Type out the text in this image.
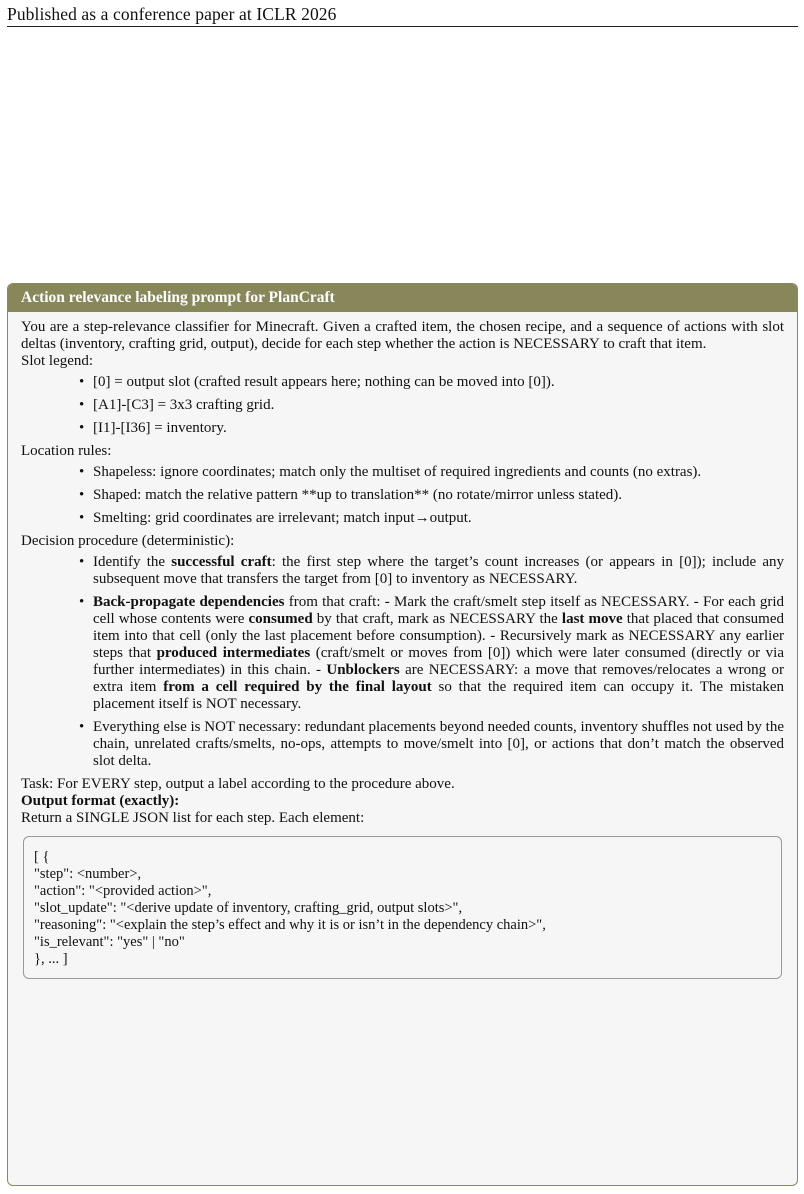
Published as a conference paper at ICLR 2026
Action relevance labeling prompt for PlanCraft

You are a step-relevance classifier for Minecraft. Given a crafted item, the chosen recipe, and a sequence of actions with slot deltas (inventory, crafting grid, output), decide for each step whether the action is NECESSARY to craft that item.

Slot legend:

• [0] = output slot (crafted result appears here; nothing can be moved into [0]).
• [A1]-[C3] = 3x3 crafting grid.
• [I1]-[I36] = inventory.

Location rules:

• Shapeless: ignore coordinates; match only the multiset of required ingredients and counts (no extras).
• Shaped: match the relative pattern **up to translation** (no rotate/mirror unless stated).
• Smelting: grid coordinates are irrelevant; match input→output.

Decision procedure (deterministic):

• Identify the successful craft: the first step where the target’s count increases (or appears in [0]); include any subsequent move that transfers the target from [0] to inventory as NECESSARY.
• Back-propagate dependencies from that craft: - Mark the craft/smelt step itself as NECESSARY. - For each grid cell whose contents were consumed by that craft, mark as NECESSARY the last move that placed that consumed item into that cell (only the last placement before consumption). - Recursively mark as NECESSARY any earlier steps that produced intermediates (craft/smelt or moves from [0]) which were later consumed (directly or via further intermediates) in this chain. - Unblockers are NECESSARY: a move that removes/relocates a wrong or extra item from a cell required by the final layout so that the required item can occupy it. The mistaken placement itself is NOT necessary.
• Everything else is NOT necessary: redundant placements beyond needed counts, inventory shuffles not used by the chain, unrelated crafts/smelts, no-ops, attempts to move/smelt into [0], or actions that don’t match the observed slot delta.

Task: For EVERY step, output a label according to the procedure above.

Output format (exactly):

Return a SINGLE JSON list for each step. Each element:

[ {
"step": <number>,
"action": "<provided action>",
"slot_update": "<derive update of inventory, crafting_grid, output slots>",
"reasoning": "<explain the step’s effect and why it is or isn’t in the dependency chain>",
"is_relevant": "yes" | "no"
}, ... ]
